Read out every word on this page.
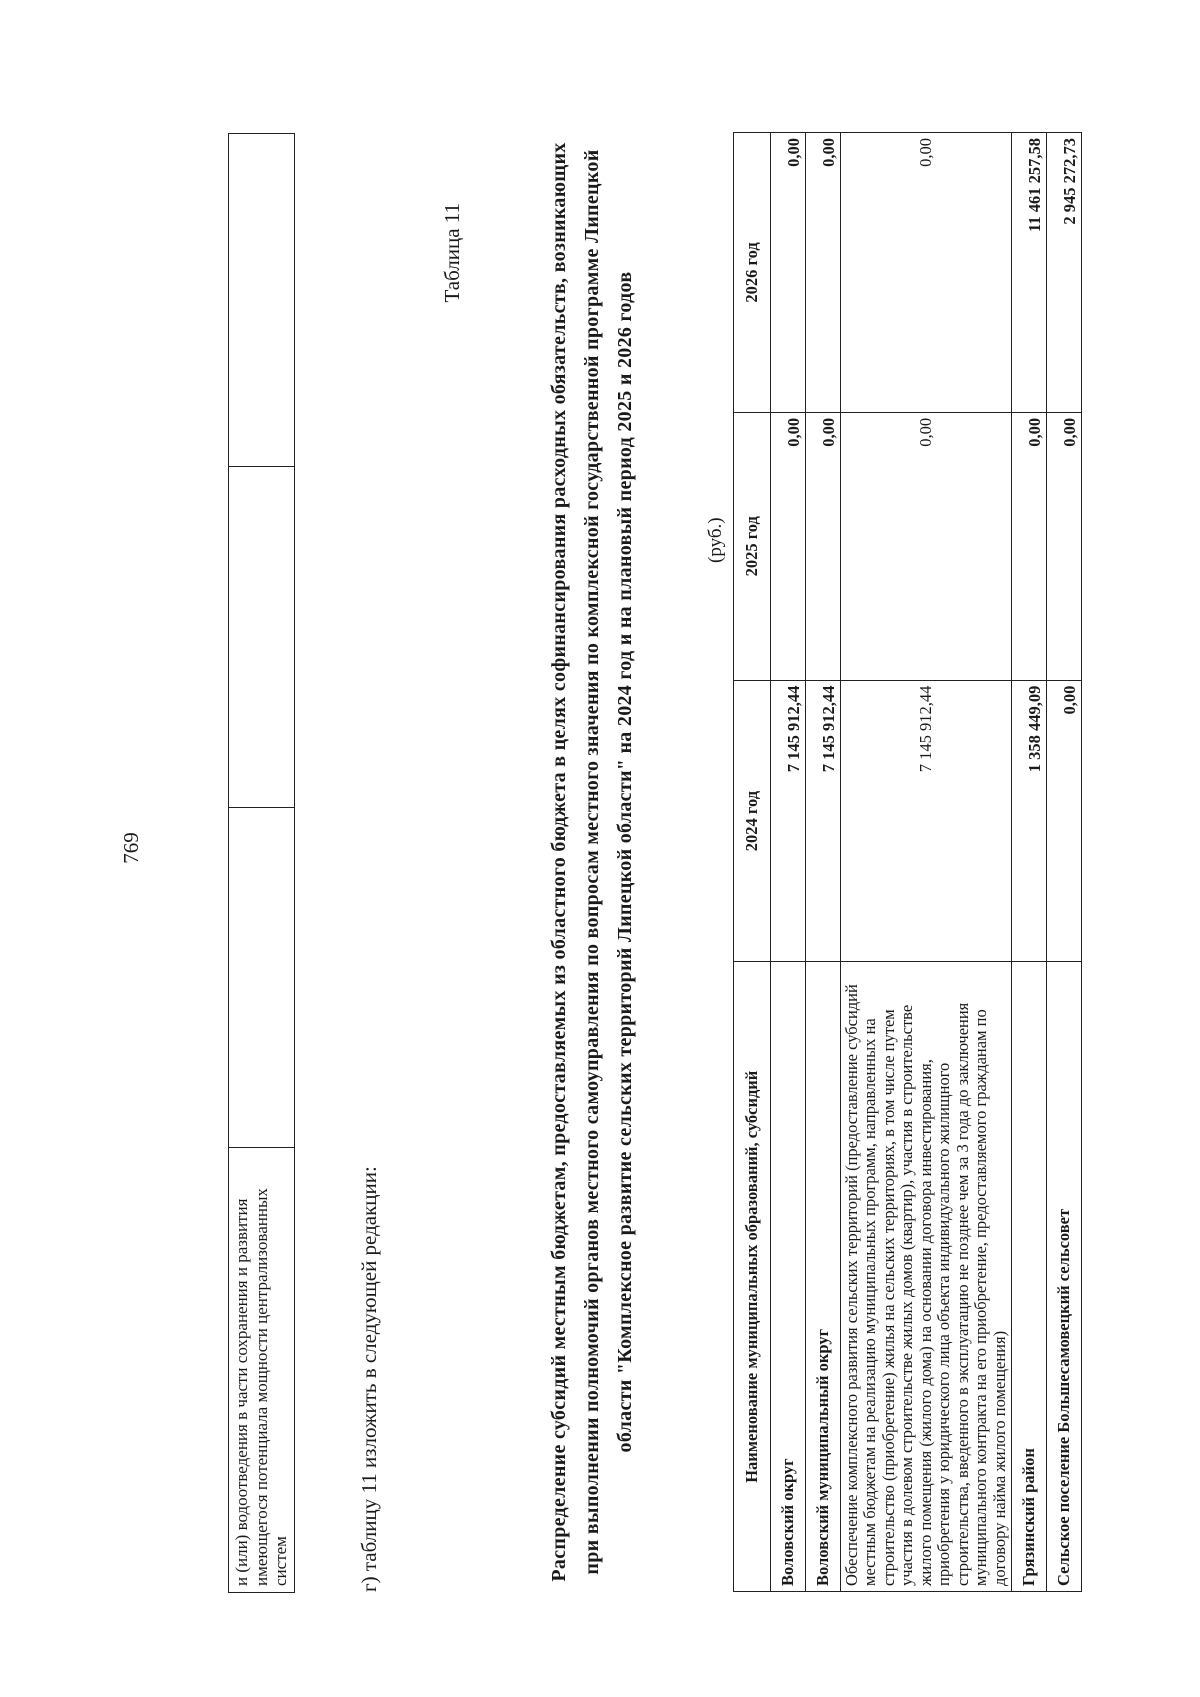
769
и (или) водоотведения в части сохранения и развития имеющегося потенциала мощности централизованных систем				г) таблицу 11 изложить в следующей редакции:
Таблица 11	Распределение субсидий местным бюджетам, предоставляемых из областного бюджета в целях софинансирования расходных обязательств, возникающих при выполнении полномочий органов местного самоуправления по вопросам местного значения по комплексной государственной программе Липецкой области "Комплексное развитие сельских территорий Липецкой области" на 2024 год и на плановый период 2025 и 2026 годов	(руб.)
Наименование муниципальных образований, субсидий	2024 год	2025 год	2026 год
Воловский округ	7 145 912,44	0,00	0,00
Воловский муниципальный округ	7 145 912,44	0,00	0,00
Обеспечение комплексного развития сельских территорий (предоставление субсидий местным бюджетам на реализацию муниципальных программ, направленных на строительство (приобретение) жилья на сельских территориях, в том числе путем участия в долевом строительстве жилых домов (квартир), участия в строительстве жилого помещения (жилого дома) на основании договора инвестирования, приобретения у юридического лица объекта индивидуального жилищного строительства, введенного в эксплуатацию не позднее чем за 3 года до заключения муниципального контракта на его приобретение, предоставляемого гражданам по договору найма жилого помещения)	7 145 912,44	0,00	0,00
Грязинский район	1 358 449,09	0,00	11 461 257,58
Сельское поселение Большесамовецкий сельсовет	0,00	0,00	2 945 272,73
